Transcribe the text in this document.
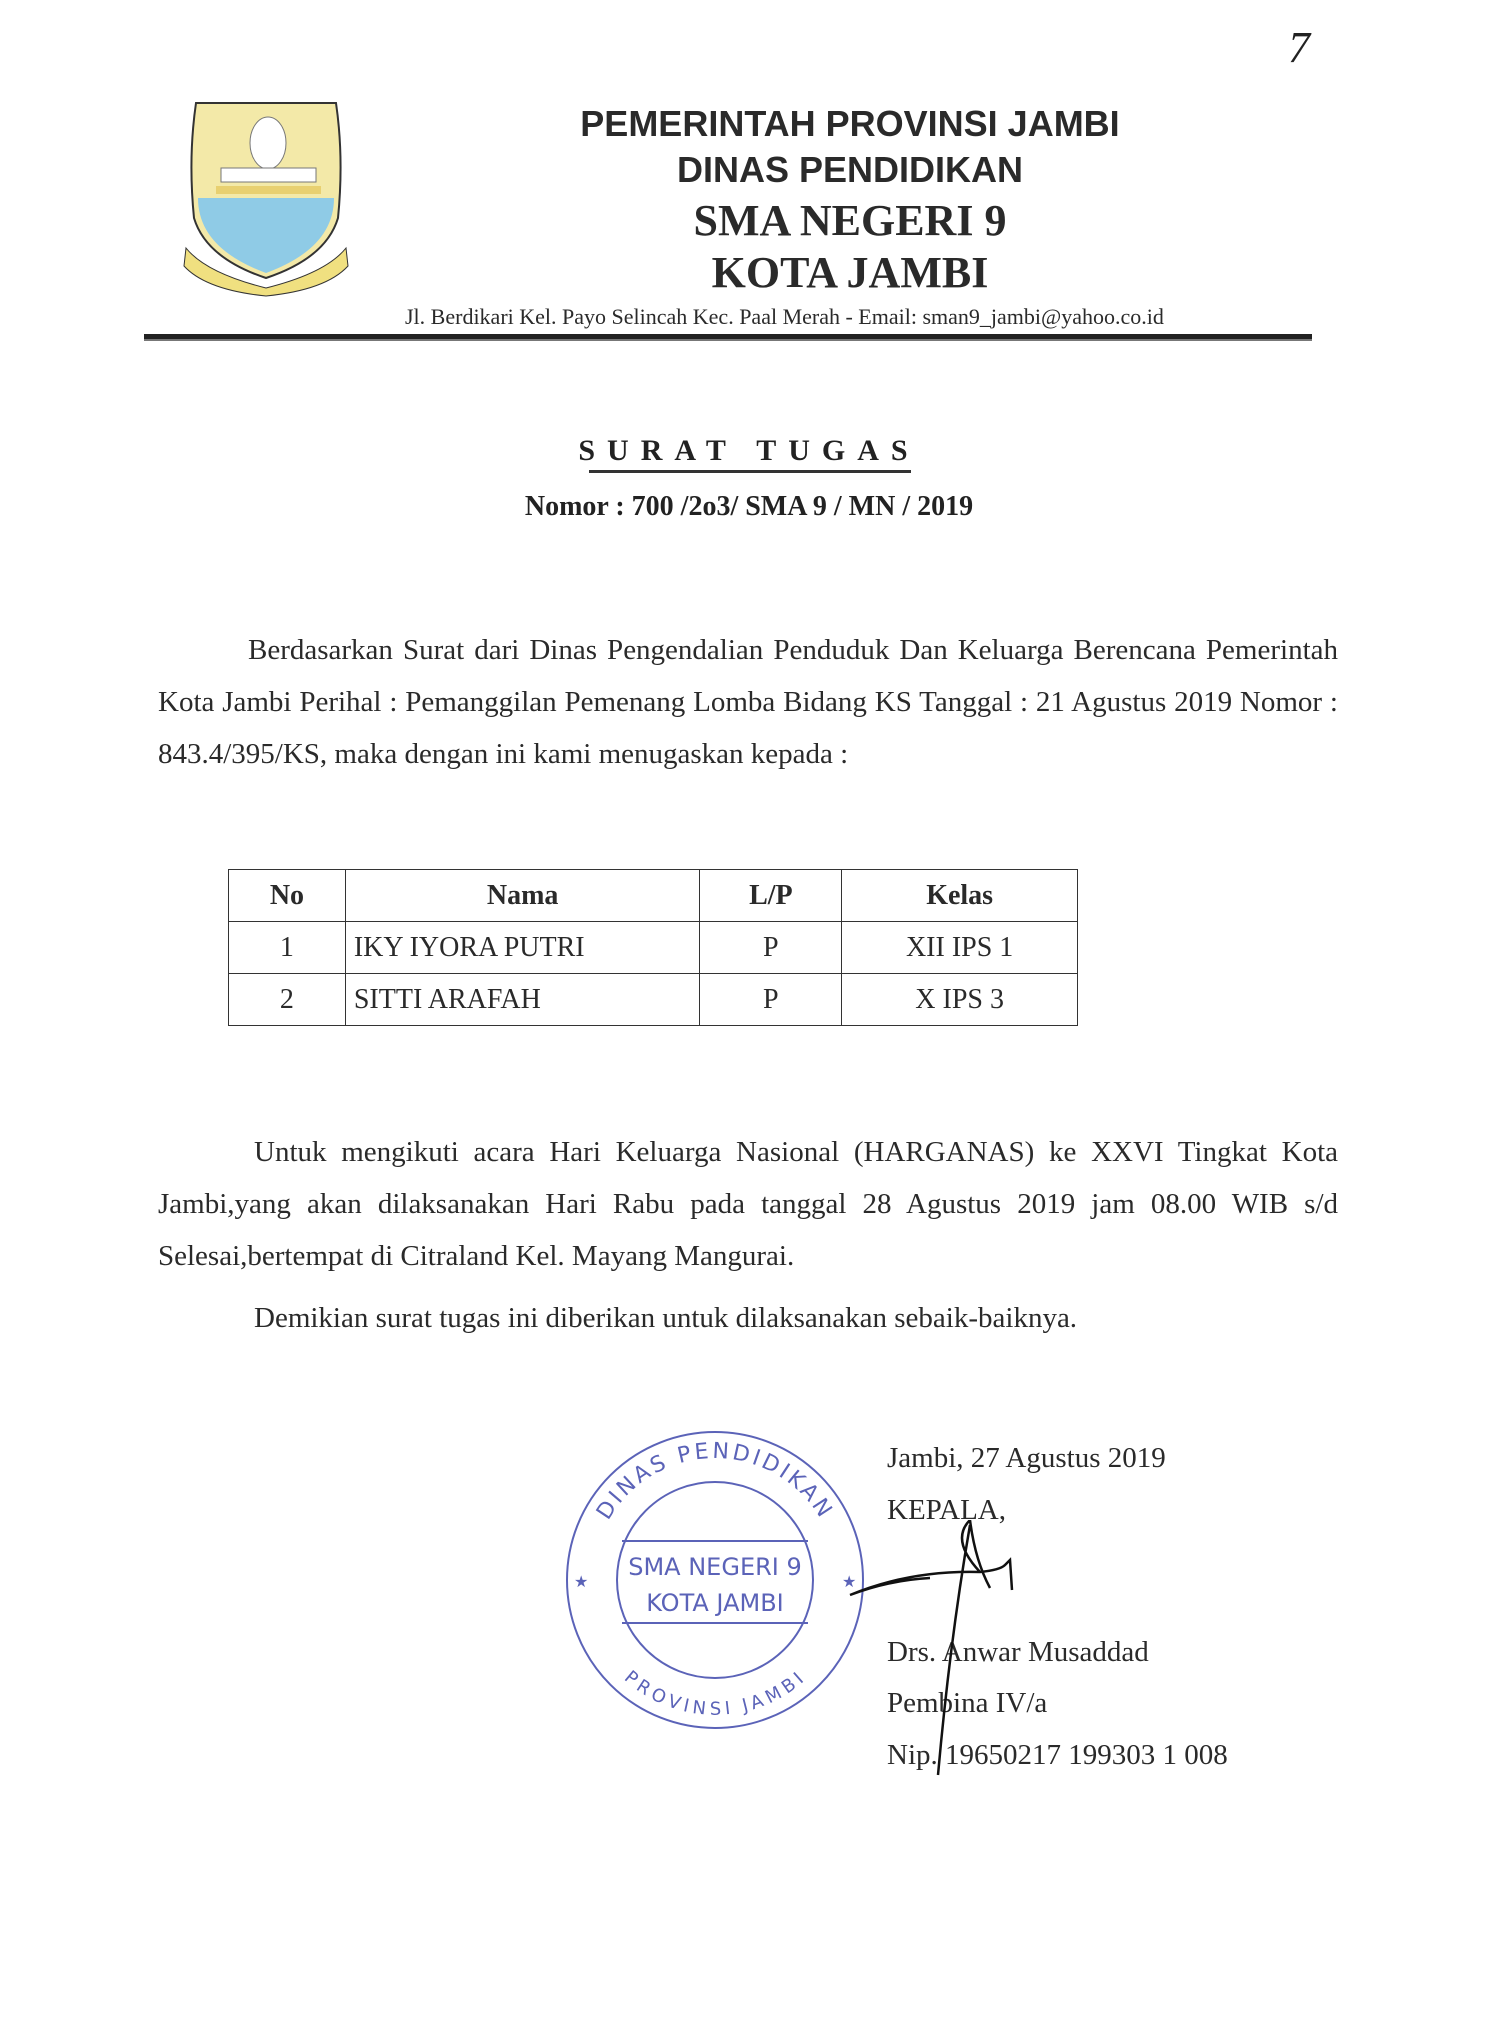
7
PEMERINTAH PROVINSI JAMBI
DINAS PENDIDIKAN
SMA NEGERI 9
KOTA JAMBI
Jl. Berdikari Kel. Payo Selincah Kec. Paal Merah - Email: sman9_jambi@yahoo.co.id
SURAT TUGAS
Nomor : 700 /2o3/ SMA 9 / MN / 2019
Berdasarkan Surat dari Dinas Pengendalian Penduduk Dan Keluarga Berencana Pemerintah Kota Jambi Perihal : Pemanggilan Pemenang Lomba Bidang KS Tanggal : 21 Agustus 2019 Nomor : 843.4/395/KS, maka dengan ini kami menugaskan kepada :
No	Nama	L/P	Kelas
1	IKY IYORA PUTRI	P	XII IPS 1
2	SITTI ARAFAH	P	X IPS 3
Untuk mengikuti acara Hari Keluarga Nasional (HARGANAS) ke XXVI Tingkat Kota Jambi,yang akan dilaksanakan Hari Rabu pada tanggal 28 Agustus 2019 jam 08.00 WIB s/d Selesai,bertempat di Citraland Kel. Mayang Mangurai.
Demikian surat tugas ini diberikan untuk dilaksanakan sebaik-baiknya.
DINAS PENDIDIKAN
PROVINSI JAMBI
SMA NEGERI 9
KOTA JAMBI
★	★
Jambi, 27 Agustus 2019
KEPALA,
Drs. Anwar Musaddad
Pembina IV/a
Nip. 19650217 199303 1 008
